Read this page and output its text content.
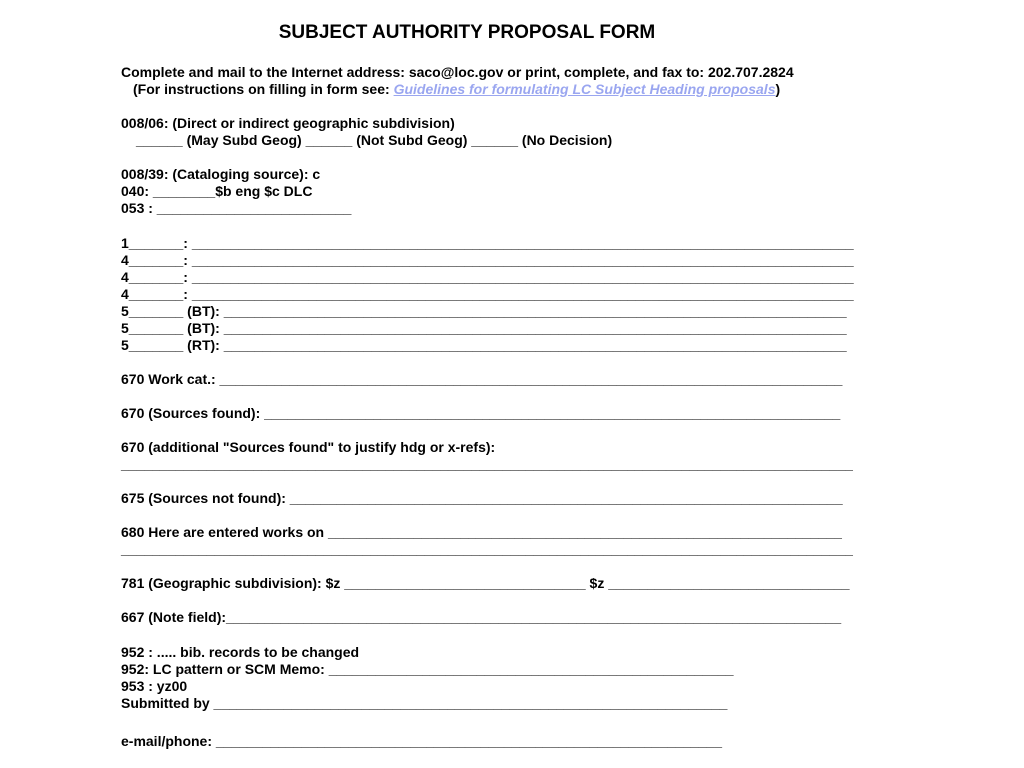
SUBJECT AUTHORITY PROPOSAL FORM
Complete and mail to the Internet address: saco@loc.gov or print, complete, and fax to: 202.707.2824
(For instructions on filling in form see: Guidelines for formulating LC Subject Heading proposals)
008/06: (Direct or indirect geographic subdivision)
______ (May Subd Geog) ______ (Not Subd Geog) ______ (No Decision)
008/39: (Cataloging source): c
040: ________$b eng $c DLC
053 : _________________________
1_______: _____________________________________________________________________________________
4_______: _____________________________________________________________________________________
4_______: _____________________________________________________________________________________
4_______: _____________________________________________________________________________________
5_______ (BT): ________________________________________________________________________________
5_______ (BT): ________________________________________________________________________________
5_______ (RT): ________________________________________________________________________________
670 Work cat.: ________________________________________________________________________________
670 (Sources found): __________________________________________________________________________
670 (additional "Sources found" to justify hdg or x-refs):
______________________________________________________________________________________________
675 (Sources not found): _______________________________________________________________________
680 Here are entered works on __________________________________________________________________
______________________________________________________________________________________________
781 (Geographic subdivision): $z _______________________________ $z _______________________________
667 (Note field):_______________________________________________________________________________
952 : ..... bib. records to be changed
952: LC pattern or SCM Memo: ____________________________________________________
953 : yz00
Submitted by __________________________________________________________________
e-mail/phone: _________________________________________________________________
